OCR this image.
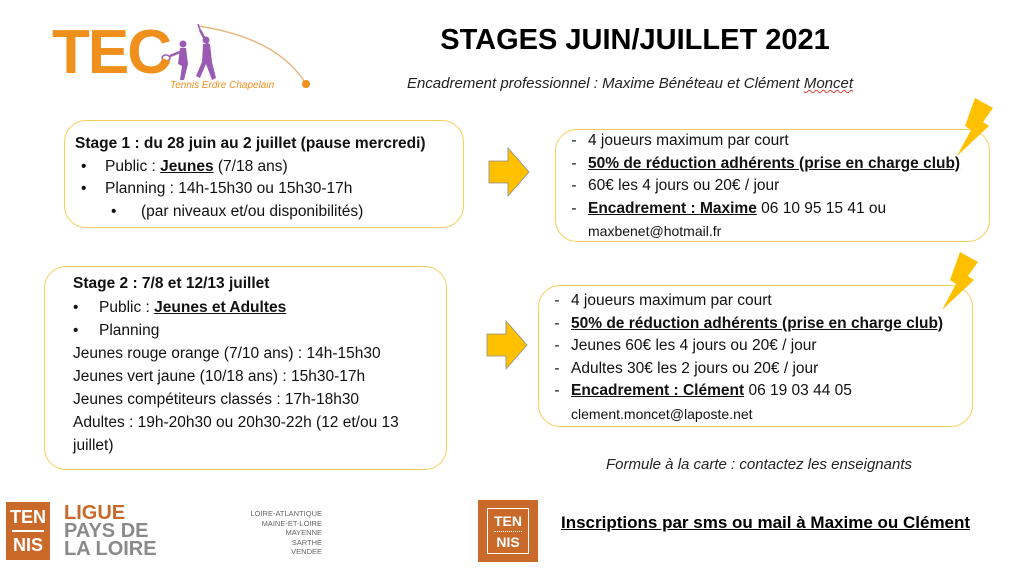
TEC Tennis Erdre Chapelain
STAGES JUIN/JUILLET 2021
Encadrement professionnel : Maxime Bénéteau et Clément Moncet
Stage 1 : du 28 juin au 2 juillet (pause mercredi)
• Public : Jeunes (7/18 ans)
• Planning : 14h-15h30 ou 15h30-17h
• (par niveaux et/ou disponibilités)
- 4 joueurs maximum par court
- 50% de réduction adhérents (prise en charge club)
- 60€ les 4 jours ou 20€ / jour
- Encadrement : Maxime 06 10 95 15 41 ou
maxbenet@hotmail.fr
Stage 2 : 7/8 et 12/13 juillet
• Public : Jeunes et Adultes
• Planning
Jeunes rouge orange (7/10 ans) : 14h-15h30
Jeunes vert jaune (10/18 ans) : 15h30-17h
Jeunes compétiteurs classés : 17h-18h30
Adultes : 19h-20h30 ou 20h30-22h (12 et/ou 13
juillet)
- 4 joueurs maximum par court
- 50% de réduction adhérents (prise en charge club)
- Jeunes 60€ les 4 jours ou 20€ / jour
- Adultes 30€ les 2 jours ou 20€ / jour
- Encadrement : Clément 06 19 03 44 05
clement.moncet@laposte.net
Formule à la carte : contactez les enseignants
TEN
NIS
LIGUE
PAYS DE
LA LOIRE
LOIRE-ATLANTIQUE
MAINE-ET-LOIRE
MAYENNE
SARTHE
VENDEE
TEN
NIS
Inscriptions par sms ou mail à Maxime ou Clément
